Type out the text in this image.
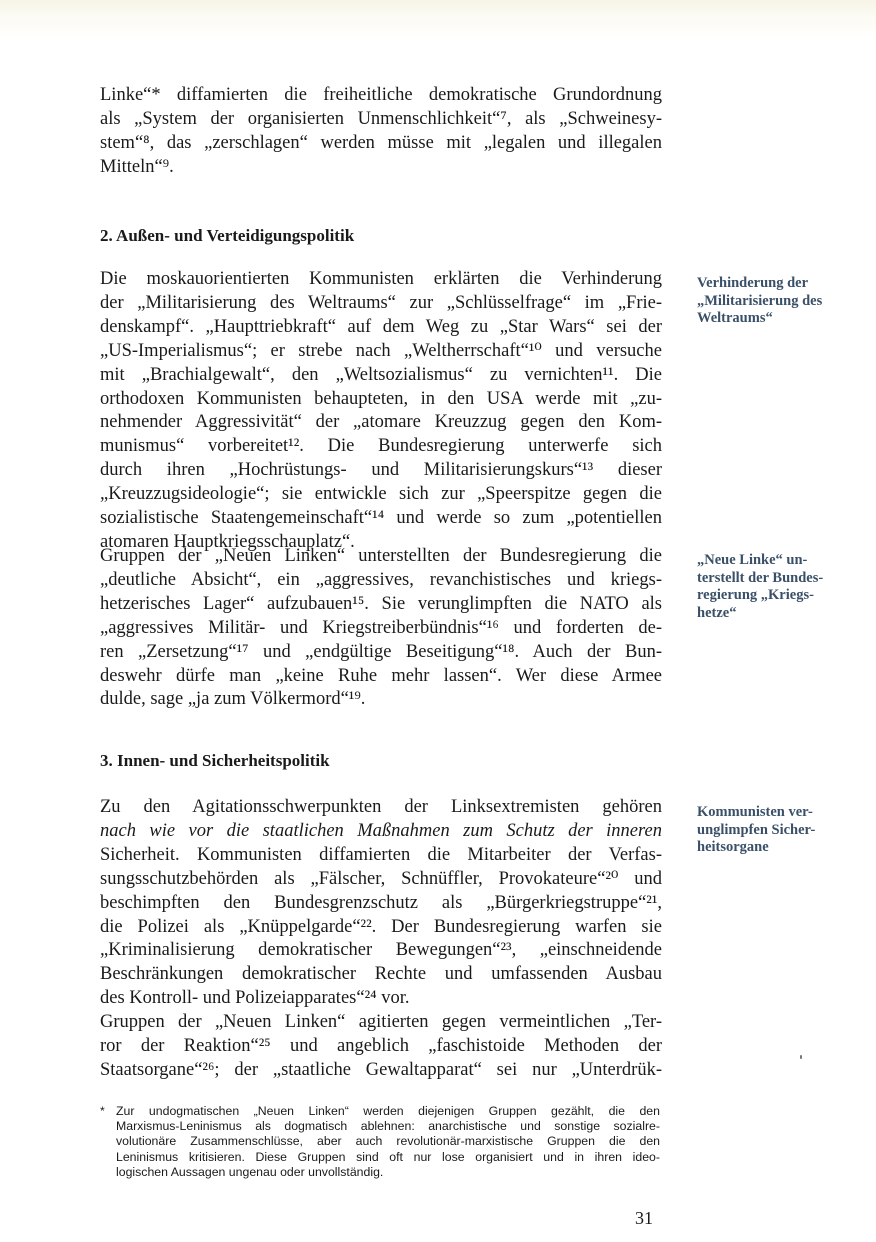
Linke“* diffamierten die freiheitliche demokratische Grundordnung
als „System der organisierten Unmenschlichkeit“⁷, als „Schweinesy-
stem“⁸, das „zerschlagen“ werden müsse mit „legalen und illegalen
Mitteln“⁹.
2. Außen- und Verteidigungspolitik
Die moskauorientierten Kommunisten erklärten die Verhinderung
der „Militarisierung des Weltraums“ zur „Schlüsselfrage“ im „Frie-
denskampf“. „Haupttriebkraft“ auf dem Weg zu „Star Wars“ sei der
„US-Imperialismus“; er strebe nach „Weltherrschaft“¹⁰ und versuche
mit „Brachialgewalt“, den „Weltsozialismus“ zu vernichten¹¹. Die
orthodoxen Kommunisten behaupteten, in den USA werde mit „zu-
nehmender Aggressivität“ der „atomare Kreuzzug gegen den Kom-
munismus“ vorbereitet¹². Die Bundesregierung unterwerfe sich
durch ihren „Hochrüstungs- und Militarisierungskurs“¹³ dieser
„Kreuzzugsideologie“; sie entwickle sich zur „Speerspitze gegen die
sozialistische Staatengemeinschaft“¹⁴ und werde so zum „potentiellen
atomaren Hauptkriegsschauplatz“.
Gruppen der „Neuen Linken“ unterstellten der Bundesregierung die
„deutliche Absicht“, ein „aggressives, revanchistisches und kriegs-
hetzerisches Lager“ aufzubauen¹⁵. Sie verunglimpften die NATO als
„aggressives Militär- und Kriegstreiberbündnis“¹⁶ und forderten de-
ren „Zersetzung“¹⁷ und „endgültige Beseitigung“¹⁸. Auch der Bun-
deswehr dürfe man „keine Ruhe mehr lassen“. Wer diese Armee
dulde, sage „ja zum Völkermord“¹⁹.
Verhinderung der
„Militarisierung des
Weltraums“
„Neue Linke“ un-
terstellt der Bundes-
regierung „Kriegs-
hetze“
3. Innen- und Sicherheitspolitik
Zu den Agitationsschwerpunkten der Linksextremisten gehören
nach wie vor die staatlichen Maßnahmen zum Schutz der inneren
Sicherheit. Kommunisten diffamierten die Mitarbeiter der Verfas-
sungsschutzbehörden als „Fälscher, Schnüffler, Provokateure“²⁰ und
beschimpften den Bundesgrenzschutz als „Bürgerkriegstruppe“²¹,
die Polizei als „Knüppelgarde“²². Der Bundesregierung warfen sie
„Kriminalisierung demokratischer Bewegungen“²³, „einschneidende
Beschränkungen demokratischer Rechte und umfassenden Ausbau
des Kontroll- und Polizeiapparates“²⁴ vor.
Gruppen der „Neuen Linken“ agitierten gegen vermeintlichen „Ter-
ror der Reaktion“²⁵ und angeblich „faschistoide Methoden der
Staatsorgane“²⁶; der „staatliche Gewaltapparat“ sei nur „Unterdrük-
Kommunisten ver-
unglimpfen Sicher-
heitsorgane
* Zur undogmatischen „Neuen Linken“ werden diejenigen Gruppen gezählt, die den
Marxismus-Leninismus als dogmatisch ablehnen: anarchistische und sonstige sozialre-
volutionäre Zusammenschlüsse, aber auch revolutionär-marxistische Gruppen die den
Leninismus kritisieren. Diese Gruppen sind oft nur lose organisiert und in ihren ideo-
logischen Aussagen ungenau oder unvollständig.
31
